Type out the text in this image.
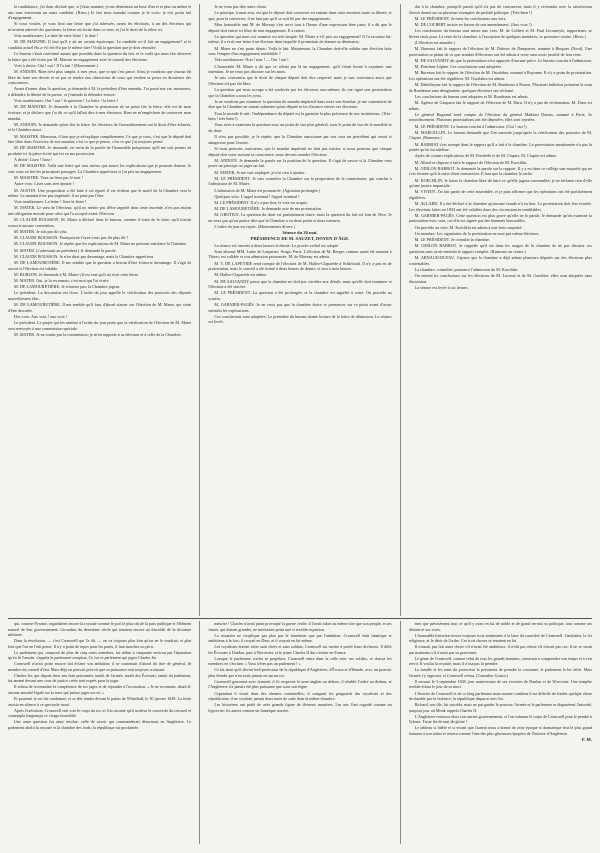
la candidature, j'ai donc déclaré que, si j'étais nommé, je me démettrais au bout d'un et et plus au même et ans sans traversant un autre candidat. (Rires.) Je fais mon mandat comme je le crois: je n'ai point fait d'engagement.

Si vous voulez, je vous lirai une lettre que j'ai adressée, avant les élections, à un des électeurs qui m'avaient adressé des questions; la lettre est écrite dans ce sens, et j'ai le droit de la relire ici.

Voix nombreuses: La date de cette lettre ! la date !

M. DE MAISTRE. Il faut qu'il y ait un certain équivoque. Le candidat a-t-il fait un engagement? et le candidat actuel élu a-t-il été élu par le même titre? Voilà la question que je dois résoudre.

Le bureau s'était conformé autant que possible dans la question du fait, et le voilà qui nous fait observer la lettre qui a été écrite par M. Maistre en engagement avec le conseil des électeurs.

Voix à droite: Oui ! oui ! Il l'a fait ! (Mouvement.)

M. ANDOIN. Rien n'est plus simple, à mes yeux, que ce qui s'est passé. Ainsi je voudrais que chacun fût libre de faire son devoir et ne pas se rendre aux obsessions de ceux qui veulent se poser en dictateurs des consciences.

Avant d'entrer dans la question, je demande à M. le président d'être entendu. J'ai passé ma vie, messieurs, à défendre la liberté de la presse, et j'entends la défendre encore.

Voix nombreuses: Oui ! oui ! la question ! La lettre ! la lettre !

M. DE MAISTRE. Je demande à la Chambre la permission de ne point lire la lettre; elle est de mon écriture, et je déclare que j'ai dit ce qu'il fallait dire à mes électeurs. Rien ne m'empêchera de conserver mon mandat.

M. ANDOIN. Je demande qu'on lise la lettre; les électeurs de l'arrondissement ont le droit d'être éclairés, et la Chambre aussi.

M. MAISTRE. Monsieur, il faut que je m'explique complètement. Ce que je crois, c'est que le député doit être libre dans l'exercice de son mandat; c'est ce que je pense, c'est ce que j'ai toujours pensé.

M. DE MAISTRE. Je demande, en vertu de la parole de l'honorable préopinant, qu'il me soit permis de produire ici la pièce écrite qui est en ma possession.

A droite: Lisez ! lisez !

M. DE MAISTRE. Voilà une lettre qui vaut mieux que toutes les explications que je pourrais donner. Je vais vous en lire les principaux passages. La Chambre appréciera si j'ai pris un engagement.

M. MAISTRE. Vous ne lisez pas le tout !

Autre voix: Lisez sans rien ajouter !

M. AUSTIN. Une proposition a été faite à cet égard; il est évident que le motif de la Chambre sera le même. Le mandat n'est pas impératif; il ne peut pas l'être.

Voix nombreuses: La lettre ! lisez la lettre !

M. MATER. Le vœu de l'électeur, qu'il ne mérite pas d'être rappelé dans cette enceinte, n'est pas moins une obligation morale pour celui qui l'a accepté avant l'élection.

M. CLAUDE BOUSSON. M. Mater a déclaré dans le bureau, comme il vient de le faire, qu'il n'avait souscrit aucune convention.

M. MATER. Je n'ai pas dit cela.

M. CLAUDE BOUSSON. Pourquoi ne l'avez-vous pas dit plus tôt ?

M. CLAUDE BOUSSON. Je répète que les explications de M. Mater ne peuvent satisfaire la Chambre.

M. MATER. (s'adressant au président.) Je demande la parole.

M. CLAUDE BOUSSON. Je n'en dirai pas davantage, mais la Chambre appréciera.

M. DE LAMOURETIÈRE. Il me semble que la question a besoin d'être éclaircie davantage. Il s'agit de savoir si l'élection est valable.

M. BURSON. Je demande à M. Mater s'il est vrai qu'il ait écrit cette lettre.

M. MATER. Oui, je la reconnais; c'est moi qui l'ai écrite.

M. DE LAMOURETIÈRE. Je n'insiste pas; la Chambre jugera.

Le président. La discussion est close. L'ordre du jour appelle la vérification des pouvoirs des députés nouvellement élus.

M. DE LAMOURETIÈRE. Il me semble qu'il faut d'abord statuer sur l'élection de M. Mater, qui vient d'être discutée.

Des voix: Aux voix ! aux voix !

Le président. Le projet qui les ramène à l'ordre du jour porte que la vérification de l'élection de M. Mater sera renvoyée à une commission spéciale.

M. MATER. Je ne crains pas la commission; je m'en rapporte à sa décision et à celle de la Chambre.

Je ne veux pas dire autre chose.

Le principe, à mon avis, est que le député doit conserver en entrant dans cette enceinte toute sa liberté, et que, pour la conserver, il ne faut pas qu'il se soit lié par des engagements.

Mon honorable ami M. de Mornay s'est servi tout à l'heure d'une expression bien juste; il a dit que le député doit entrer ici libre de tout engagement. Il a raison.

La question qui nous est soumise est très-simple: M. Mater a-t-il pris un engagement? Il l'a reconnu lui-même; il a écrit une lettre à un électeur dans laquelle il promettait de donner sa démission.

M. Mater ne s'est point démis. Voilà le fait. Maintenant, la Chambre doit-elle valider une élection faite sous l'empire d'un engagement semblable ?

Voix nombreuses: Non ! non ! — Oui ! oui !

L'honorable M. Mater a dit que ce n'était pas là un engagement; qu'il s'était borné à exprimer une intention. Je ne veux pas discuter sur les mots.

Je suis convaincu que le droit de chaque député doit être respecté; mais je suis convaincu aussi que l'élection n'a pas été libre.

La question qui nous occupe a été soulevée par les électeurs eux-mêmes; ils ont signé une protestation que la Chambre a sous les yeux.

Je ne voudrais pas examiner la question du mandat impératif dans toute son étendue; je me contenterai de dire que la Chambre ne saurait admettre qu'un député se lie d'avance envers ses électeurs.

Tout le monde le sait: l'indépendance du député est la garantie la plus précieuse de nos institutions. (Très-bien ! très-bien !)

Vous avez à examiner la question sous un point de vue plus général, sous le point de vue de la moralité et du droit.

Il n'est pas possible, je le répète, que la Chambre sanctionne par son vote un précédent qui serait si dangereux pour l'avenir.

Si nous pensons, messieurs, que le mandat impératif ne doit pas exister, si nous pensons que chaque député doit voter suivant sa conscience, nous devons annuler l'élection.

M. ANDOIN. Je demande la parole sur la position de la question. Il s'agit de savoir si la Chambre veut poser un principe ou juger un fait.

M. MATER. Je me suis expliqué; je n'ai rien à ajouter.

M. LE PRÉSIDENT. Je vais consulter la Chambre sur la proposition de la commission, qui conclut à l'admission de M. Mater.

L'admission de M. Mater est prononcée. (Agitation prolongée.)

Quelques voix: L'appel nominal ! l'appel nominal !

M. LE PRÉSIDENT. Il n'y a pas lieu; le vote est acquis.

M. DE LAMOURETIÈRE. Je demande acte de ma protestation.

M. GROTIUS. La question du droit est parfaitement claire, mais la question du fait est loin de l'être. Je ne veux pas qu'on puisse dire que la Chambre a eu deux poids et deux mesures.

L'ordre du jour est repris. (Mouvements divers.)

Séance du 26 mai.

PRÉSIDENCE DE M. SAUZET, DOYEN D'ÂGE.

La séance est ouverte à deux heures et demie. Le procès-verbal est adopté.

Sont absents MM. Laine de Lasperrie, Arago, Paris. L'élection de M. Berger, comme ayant été nommé à Thiers, est validée et son admission prononcée. M. de Mornay est admis.

M. Y, DE LAPEYRIE rend compte de l'élection de M. Hallez-Claparède à Schlestadt. Il n'y a pas eu de protestation, mais le conseil a été formé à deux heures de demie, et non à trois heures.

M. Hallez-Claparède est admis.

M. DE SALVANDY pense que la chambre ne doit pas s'arrêter aux détails, mais qu'elle doit examiner si l'élection a été sincère.

M. LE PRÉSIDENT. La question a été prolongée, et la chambre est appelée à voter. On procède au scrutin.

M. GARNIER-PAGÈS. Je ne crois pas que la chambre doive se prononcer sur ce point avant d'avoir entendu les explications.

Ces conclusions sont adoptées. Le président du bureau donne lecture de la lettre de démission. La séance est levée.

dra à la chambre, puisqu'il parait qu'il n'a pas de concurrent, mais il y reviendra avec la satisfaction d'avoir donné un ou plusieurs exemples de probité politique. (Très-bien !)

M. LE PRÉSIDENT. Je mets les conclusions aux voix.

M. DE COLBERT insiste en faveur de son amendement. (Aux voix !)

Les conclusions du bureau sont mises aux voix. M. de Colbert et M. Paul Lecouteyle, rapporteurs, se lèvent seuls pour. Le reste de la chambre, à l'exception de quelques membres, se prononce contre. (Rires.)

(L'élection est annulée.)

M. Bureaux fait le rapport de l'élection de M. Dubosc de Dampierre, nommé à Bergues (Nord). Une protestation se plaint de ce que nombre d'électeurs ont été admis à voter sans avoir justifié de leur cens.

M. DE SALVANDY dit que la protestation n'est appuyée d'aucune pièce. Le bureau conclut à l'admission.

M. Ponchon-Lépine. Ces conclusions sont adoptées.

M. Bureaux fait le rapport de l'élection de M. Ossalabra, nommé à Bayonne. Il n'y a point de protestation. Les opérations ont été régulières. M. Ossalabra est admis.

M. Debelleyme fait le rapport de l'élection de M. Rondeaux à Rouen. Plusieurs bulletins portaient le nom de Rondeaux sans désignation; quelques électeurs ont réclamé.

Les conclusions du bureau sont adoptées et M. Rondeaux est admis.

M. Agénor de Gasparin fait le rapport de l'élection de M. Daru. Il n'y a pas de réclamation. M. Daru est admis.

Le général Bugeaud rend compte de l'élection du général Mathieu Dumas, nommé à Paris, 3e arrondissement. Plusieurs protestations ont été déposées; elles sont rejetées.

M. LE PRÉSIDENT. Le bureau conclut à l'admission. (Oui ! oui !)

M. MARCELLIN. Le bureau demande que l'on surseoie jusqu'après la vérification des pouvoirs de M. Clapier. (Rumeurs.)

M. BARRIAT s'est trompé dans le rapport qu'il a fait à la chambre. La protestation mentionnée n'a pas la portée qu'on lui attribue.

Après de courtes explications de M. Fonfrède et de M. Clapier, M. Clapier est admis.

M. Allard se dispose à faire le rapport de l'élection de M. Koechlin.

M. ODILON BARROT. Je demande la parole sur le rapport. Il y a eu dans ce collège une majorité qui ne s'est formée qu'à la suite d'une transaction. Il faut que la chambre le sache.

M. KOECHLIN. Je laisse la chambre libre de faire ce qu'elle jugera convenable; je ne réclame rien d'elle qu'une justice impartiale.

M. VIVIEN. J'ai fait partie de cette assemblée, et je puis affirmer que les opérations ont été parfaitement régulières.

M. ALLARD. Il a été déclaré à la chambre qu'aucune fraude n'a eu lieu. La protestation doit être écartée. Les élections faites en 1833 ont été validées dans des circonstances semblables.

M. GARNIER-PAGÈS. Cette question est plus grave qu'elle ne le paraît. Je demande qu'on examine la protestation avec soin, car elle est signée par des hommes honorables.

On procède au vote; M. Koechlin est admis à une forte majorité.

Un membre: Les signataires de la protestation ne sont pas même électeurs.

M. LE PRÉSIDENT. Je consulte la chambre.

M. ODILON BARROT. Je rappelle qu'il est dans les usages de la chambre de ne pas discuter ces questions sans avoir entendu le rapport complet. (Rumeurs au centre.)

M. ARNAUD-DUFAU. J'ajoute que la chambre a déjà admis plusieurs députés sur des élections plus contestables.

La chambre, consultée, prononce l'admission de M. Koechlin.

On entend les conclusions sur les élections de M. Lacoste et de M. Gauthier; elles sont adoptées sans discussion.

La séance est levée à six heures.

qui, comme Pyrame, regardaient encore la royauté comme le port le plus sûr de la paix publique et l'élément naturel de leur gouvernement. Girondins du deuxième siècle qui tenaient encore au discrédit de la dictature militaire.

Dans la révolution, — c'est Cromwell qui l'a dit, — on va toujours plus loin qu'on ne le voudrait, et plus loin que l'on ne l'eût pensé. Il n'y a point de repos pour les partis, il faut marcher ou périr.

Le parlement qui, composé de plus de cinq cents membres, fut réduit à cinquante environ par l'épuration qu'en fit l'armée, s'appela le parlement-croupion. Ce fut ce parlement qui jugea Charles Ier.

Cromwell n'avait point encore fait éclater son ambition; il se contentait d'abord du titre de général, de membre du conseil d'état. Mais déjà on pouvait prévoir que sa puissance irait toujours croissant.

Charles Ier, qui depuis deux ans était prisonnier, tantôt de l'armée, tantôt des Écossais, tantôt du parlement, fut amené devant une cour de justice créée tout exprès pour le juger.

Il refusa de reconnaître la compétence de ses juges et de répondre à l'accusation. « Je ne reconnais, disait-il, aucune autorité légale sur la terre qui puisse juger un roi. »

Et pourtant le roi fut condamné, et sa tête tomba devant le palais de Whitehall, le 30 janvier 1649. La foule assista en silence à ce spectacle inouï.

Après l'exécution, Cromwell vint voir le corps du roi, et l'on raconte qu'il souleva le couvercle du cercueil et contempla longtemps ce visage immobile.

Une autre question fut ainsi résolue: celle de savoir qui commanderait désormais en Angleterre. Le parlement abolit la royauté et la chambre des lords; la république fut proclamée.

meurtre ! Charles n'avait point provoqué la guerre civile; il l'avait subie au même titre que son peuple, et ses fautes, qui étaient grandes, ne méritaient point une si terrible expiation.

La situation ne s'explique pas plus par le fanatisme que par l'ambition. Cromwell était fanatique et ambitieux à la fois; il croyait en Dieu, et il croyait en lui-même.

Les royalistes étaient alors sans chefs et sans soldats; Cromwell sut mettre à profit leurs divisions. Il défit les Écossais à Dunbar, puis à Worcester, et le jeune Charles II dut s'enfuir en France.

Lorsque le parlement voulut se perpétuer, Cromwell entra dans la salle avec ses soldats, et chassa les membres en s'écriant: « Vous n'êtes pas un parlement ! »

Ce fut ainsi qu'il devint lord-protecteur de la république d'Angleterre, d'Écosse et d'Irlande, avec un pouvoir plus étendu que n'en avait jamais eu aucun roi.

Cromwell gouverna avec fermeté; il fit respecter le nom anglais au dehors, il rétablit l'ordre au dedans, et l'Angleterre n'a jamais été plus puissante que sous son règne.

Cependant il vivait dans des alarmes continuelles; il craignait les poignards des royalistes et des républicains; il ne couchait jamais deux nuits de suite dans la même chambre.

Les historiens ont parlé de cette grande figure de diverses manières. Les uns l'ont regardé comme un hypocrite; les autres comme un fanatique sincère.

mes que précisément tout ce qu'il y avait en lui de noble et de grand servait sa politique, tout comme ses défauts et ses vices.

L'honorable historien trouve toujours trois sentiments à la base du caractère de Cromwell: l'ambition, la foi religieuse, et le désir de l'ordre. Ces trois choses se tenaient en lui.

Il n'aurait pas fait autre chose s'il n'avait été ambitieux; il n'eût pas réussi s'il n'avait pas cru; il ne se serait pas maintenu s'il n'avait pas su gouverner.

Le génie de Cromwell, comme celui de tous les grands hommes, consistait à comprendre son temps et à s'en servir. Il voulut la royauté, mais il n'osa pas la prendre.

La famille et les amis du protecteur le pressaient de prendre la couronne; le parlement la lui offrit. Mais l'armée s'y opposait, et Cromwell refusa. (Consulter Guizot.)

Il mourut le 3 septembre 1658, jour anniversaire de ses victoires de Dunbar et de Worcester. Une tempête terrible éclata le jour de sa mort.

L'histoire de Cromwell et de ce long parlement nous montre combien il est difficile de fonder quelque chose de durable par la violence; la république disparut avec lui.

Richard, son fils, lui succéda, mais ne put garder le pouvoir; l'armée et le parlement se disputèrent l'autorité, jusqu'au jour où Monk rappela Charles II.

L'Angleterre retrouva alors son ancien gouvernement, et l'on exhuma le corps de Cromwell pour le pendre à Tyburn. Triste fin de tant de gloire !

Le tableau si fidèle et si vivant que l'auteur nous a donné de cette époque si dramatique fera le plus grand honneur à son talent et restera comme l'une des plus glorieuses épopées de l'histoire d'Angleterre.

F. M.
